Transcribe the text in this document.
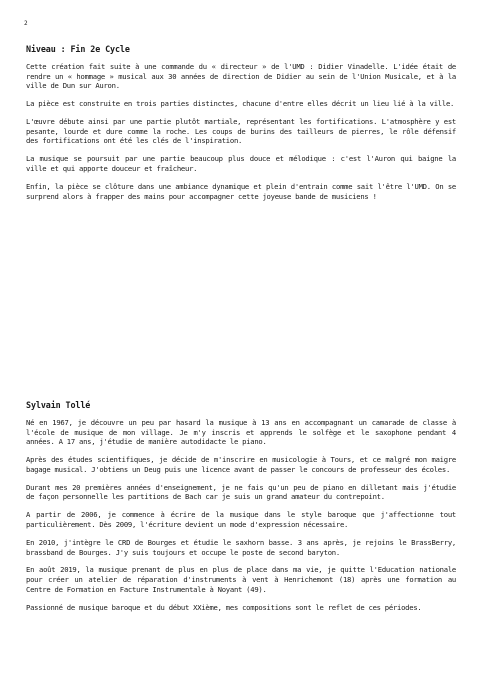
2
Niveau : Fin 2e Cycle

Cette création fait suite à une commande du « directeur » de l'UMD : Didier Vinadelle. L'idée était de rendre un « hommage » musical aux 30 années de direction de Didier au sein de l'Union Musicale, et à la ville de Dun sur Auron.

La pièce est construite en trois parties distinctes, chacune d'entre elles décrit un lieu lié à la ville.

L'œuvre débute ainsi par une partie plutôt martiale, représentant les fortifications. L'atmosphère y est pesante, lourde et dure comme la roche. Les coups de burins des tailleurs de pierres, le rôle défensif des fortifications ont été les clés de l'inspiration.

La musique se poursuit par une partie beaucoup plus douce et mélodique : c'est l'Auron qui baigne la ville et qui apporte douceur et fraîcheur.

Enfin, la pièce se clôture dans une ambiance dynamique et plein d'entrain comme sait l'être l'UMD. On se surprend alors à frapper des mains pour accompagner cette joyeuse bande de musiciens !

Sylvain Tollé

Né en 1967, je découvre un peu par hasard la musique à 13 ans en accompagnant un camarade de classe à l'école de musique de mon village. Je m'y inscris et apprends le solfège et le saxophone pendant 4 années. A 17 ans, j'étudie de manière autodidacte le piano.

Après des études scientifiques, je décide de m'inscrire en musicologie à Tours, et ce malgré mon maigre bagage musical. J'obtiens un Deug puis une licence avant de passer le concours de professeur des écoles.

Durant mes 20 premières années d'enseignement, je ne fais qu'un peu de piano en dilletant mais j'étudie de façon personnelle les partitions de Bach car je suis un grand amateur du contrepoint.

A partir de 2006, je commence à écrire de la musique dans le style baroque que j'affectionne tout particulièrement. Dès 2009, l'écriture devient un mode d'expression nécessaire.

En 2010, j'intègre le CRD de Bourges et étudie le saxhorn basse. 3 ans après, je rejoins le BrassBerry, brassband de Bourges. J'y suis toujours et occupe le poste de second baryton.

En août 2019, la musique prenant de plus en plus de place dans ma vie, je quitte l'Education nationale pour créer un atelier de réparation d'instruments à vent à Henrichemont (18) après une formation au Centre de Formation en Facture Instrumentale à Noyant (49).

Passionné de musique baroque et du début XXième, mes compositions sont le reflet de ces périodes.
